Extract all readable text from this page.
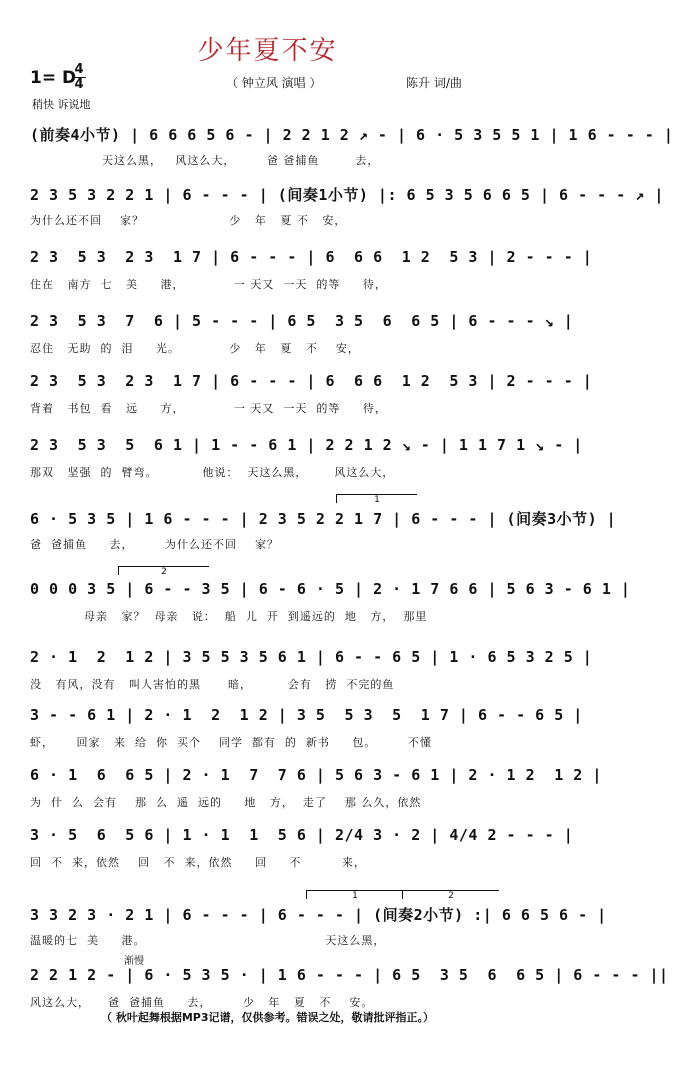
少年夏不安
1= D
4
4	（ 钟立风 演唱 ）	陈升 词/曲
稍快 诉说地
(前奏4小节) | 6 6 6 5 6 - | 2 2 1 2 ↗ - | 6 · 5 3 5 5 1 | 1 6 - - - |
天这么黑，   风这么大，       爸 爸捕鱼        去，
2 3 5 3 2 2 1 | 6 - - - | (间奏1小节) |: 6 5 3 5 6 6 5 | 6 - - - ↗ |
为什么还不回    家？                   少   年   夏 不   安，
2 3  5 3  2 3  1 7 | 6 - - - | 6  6 6  1 2  5 3 | 2 - - - |
住在   南方  七   美     港，           一 天又  一天  的等     待，
2 3  5 3  7  6 | 5 - - - | 6 5  3 5  6  6 5 | 6 - - - ↘ |
忍住   无助  的  泪     光。           少   年   夏   不    安，
2 3  5 3  2 3  1 7 | 6 - - - | 6  6 6  1 2  5 3 | 2 - - - |
背着   书包  看   远     方，           一 天又  一天  的等     待，
2 3  5 3  5  6 1 | 1 - - 6 1 | 2 2 1 2 ↘ - | 1 1 7 1 ↘ - |
那双   坚强  的  臂弯。          他说：  天这么黑，      风这么大，
1
6 · 5 3 5 | 1 6 - - - | 2 3 5 2 2 1 7 | 6 - - - | (间奏3小节) |
爸  爸捕鱼     去，       为什么还不回    家？
2
0 0 0 3 5 | 6 - - 3 5 | 6 - 6 · 5 | 2 · 1 7 6 6 | 5 6 3 - 6 1 |
母亲   家？  母亲   说：  船  儿  开  到遥远的  地   方，  那里
2 · 1  2  1 2 | 3 5 5 3 5 6 1 | 6 - - 6 5 | 1 · 6 5 3 2 5 |
没   有风，没有   叫人害怕的黑      暗，        会有   捞  不完的鱼
3 - - 6 1 | 2 · 1  2  1 2 | 3 5  5 3  5  1 7 | 6 - - 6 5 |
虾，     回家   来  给  你  买个    同学  都有  的  新书     包。       不懂
6 · 1  6  6 5 | 2 · 1  7  7 6 | 5 6 3 - 6 1 | 2 · 1 2  1 2 |
为  什  么  会有    那  么  遥  远的     地   方，  走了    那 么久，依然
3 · 5  6  5 6 | 1 · 1  1  5 6 | 2/4 3 · 2 | 4/4 2 - - - |
回  不  来，依然    回   不  来，依然     回     不         来，
1	2
3 3 2 3 · 2 1 | 6 - - - | 6 - - - | (间奏2小节) :| 6 6 5 6 - |
温暖的七  美     港。                                        天这么黑，
渐慢
2 2 1 2 - | 6 · 5 3 5 · | 1 6 - - - | 6 5  3 5  6  6 5 | 6 - - - ||
风这么大，    爸  爸捕鱼     去，       少   年   夏   不    安。
（ 秋叶起舞根据MP3记谱，仅供参考。错误之处，敬请批评指正。）
